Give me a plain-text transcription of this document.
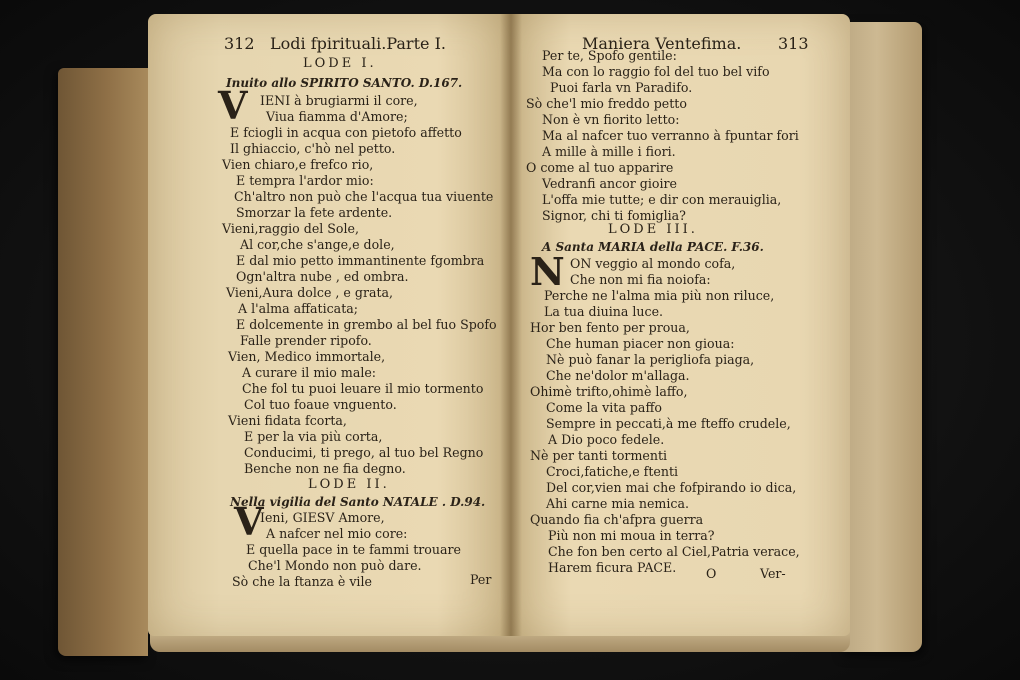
312 Lodi fpirituali.Parte I.
LODE I.
Inuito allo SPIRITO SANTO. D.167.
IENI à brugiarmi il core,
Viua fiamma d'Amore;
E fciogli in acqua con pietofo affetto
Il ghiaccio, c'hò nel petto.
Vien chiaro,e frefco rio,
E tempra l'ardor mio:
Ch'altro non può che l'acqua tua viuente
Smorzar la fete ardente.
Vieni,raggio del Sole,
Al cor,che s'ange,e dole,
E dal mio petto immantinente fgombra
Ogn'altra nube , ed ombra.
Vieni,Aura dolce , e grata,
A l'alma affaticata;
E dolcemente in grembo al bel fuo Spofo
Falle prender ripofo.
Vien, Medico immortale,
A curare il mio male:
Che fol tu puoi leuare il mio tormento
Col tuo foaue vnguento.
Vieni fidata fcorta,
E per la via più corta,
Conducimi, ti prego, al tuo bel Regno
Benche non ne fia degno.
LODE II.
Nella vigilia del Santo NATALE . D.94.
Ieni, GIESV Amore,
A nafcer nel mio core:
E quella pace in te fammi trouare
Che'l Mondo non può dare.
Sò che la ftanza è vile
V
V
Per
Maniera Ventefima. 313
Per te, Spofo gentile:
Ma con lo raggio fol del tuo bel vifo
Puoi farla vn Paradifo.
Sò che'l mio freddo petto
Non è vn fiorito letto:
Ma al nafcer tuo verranno à fpuntar fori
A mille à mille i fiori.
O come al tuo apparire
Vedranfi ancor gioire
L'offa mie tutte; e dir con merauiglia,
Signor, chi ti fomiglia?
LODE III.
A Santa MARIA della PACE. F.36.
ON veggio al mondo cofa,
Che non mi fia noiofa:
Perche ne l'alma mia più non riluce,
La tua diuina luce.
Hor ben fento per proua,
Che human piacer non gioua:
Nè può fanar la perigliofa piaga,
Che ne'dolor m'allaga.
Ohimè trifto,ohimè laffo,
Come la vita paffo
Sempre in peccati,à me fteffo crudele,
A Dio poco fedele.
Nè per tanti tormenti
Croci,fatiche,e ftenti
Del cor,vien mai che fofpirando io dica,
Ahi carne mia nemica.
Quando fia ch'afpra guerra
Più non mi moua in terra?
Che fon ben certo al Ciel,Patria verace,
Harem ficura PACE.
N
O	Ver-
